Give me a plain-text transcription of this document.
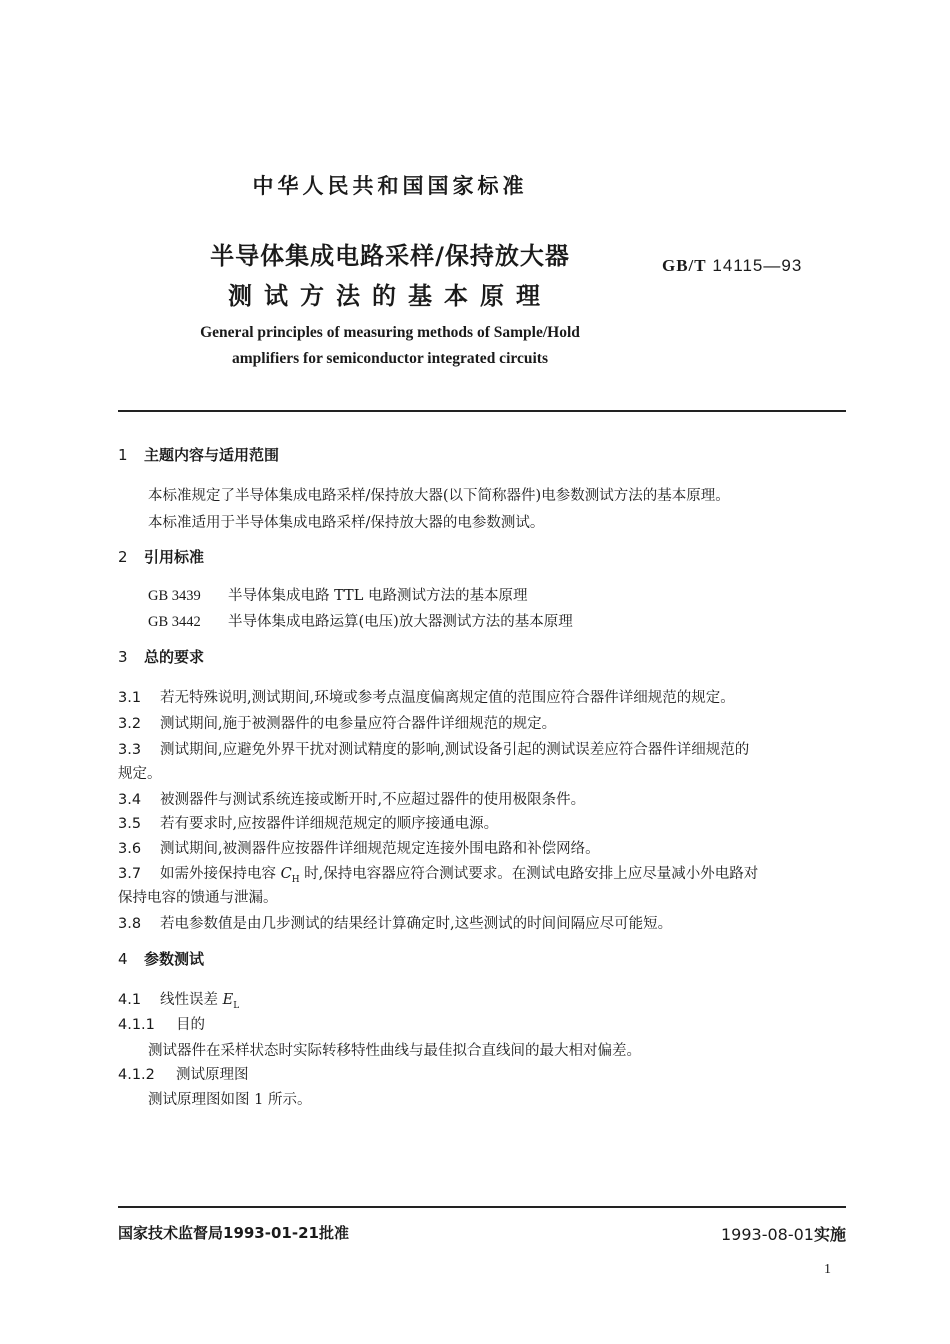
中华人民共和国国家标准
半导体集成电路采样/保持放大器
测试方法的基本原理
GB/T 14115—93
General principles of measuring methods of Sample/Hold
amplifiers for semiconductor integrated circuits
1 主题内容与适用范围
本标准规定了半导体集成电路采样/保持放大器(以下简称器件)电参数测试方法的基本原理。
本标准适用于半导体集成电路采样/保持放大器的电参数测试。
2 引用标准
GB 3439 半导体集成电路 TTL 电路测试方法的基本原理
GB 3442 半导体集成电路运算(电压)放大器测试方法的基本原理
3 总的要求
3.1 若无特殊说明,测试期间,环境或参考点温度偏离规定值的范围应符合器件详细规范的规定。
3.2 测试期间,施于被测器件的电参量应符合器件详细规范的规定。
3.3 测试期间,应避免外界干扰对测试精度的影响,测试设备引起的测试误差应符合器件详细规范的
规定。
3.4 被测器件与测试系统连接或断开时,不应超过器件的使用极限条件。
3.5 若有要求时,应按器件详细规范规定的顺序接通电源。
3.6 测试期间,被测器件应按器件详细规范规定连接外围电路和补偿网络。
3.7 如需外接保持电容 $C_H$ 时,保持电容器应符合测试要求。在测试电路安排上应尽量减小外电路对
保持电容的馈通与泄漏。
3.8 若电参数值是由几步测试的结果经计算确定时,这些测试的时间间隔应尽可能短。
4 参数测试
4.1 线性误差 $E_L$
4.1.1 目的
测试器件在采样状态时实际转移特性曲线与最佳拟合直线间的最大相对偏差。
4.1.2 测试原理图
测试原理图如图 1 所示。
国家技术监督局1993-01-21批准	1993-08-01实施
1
